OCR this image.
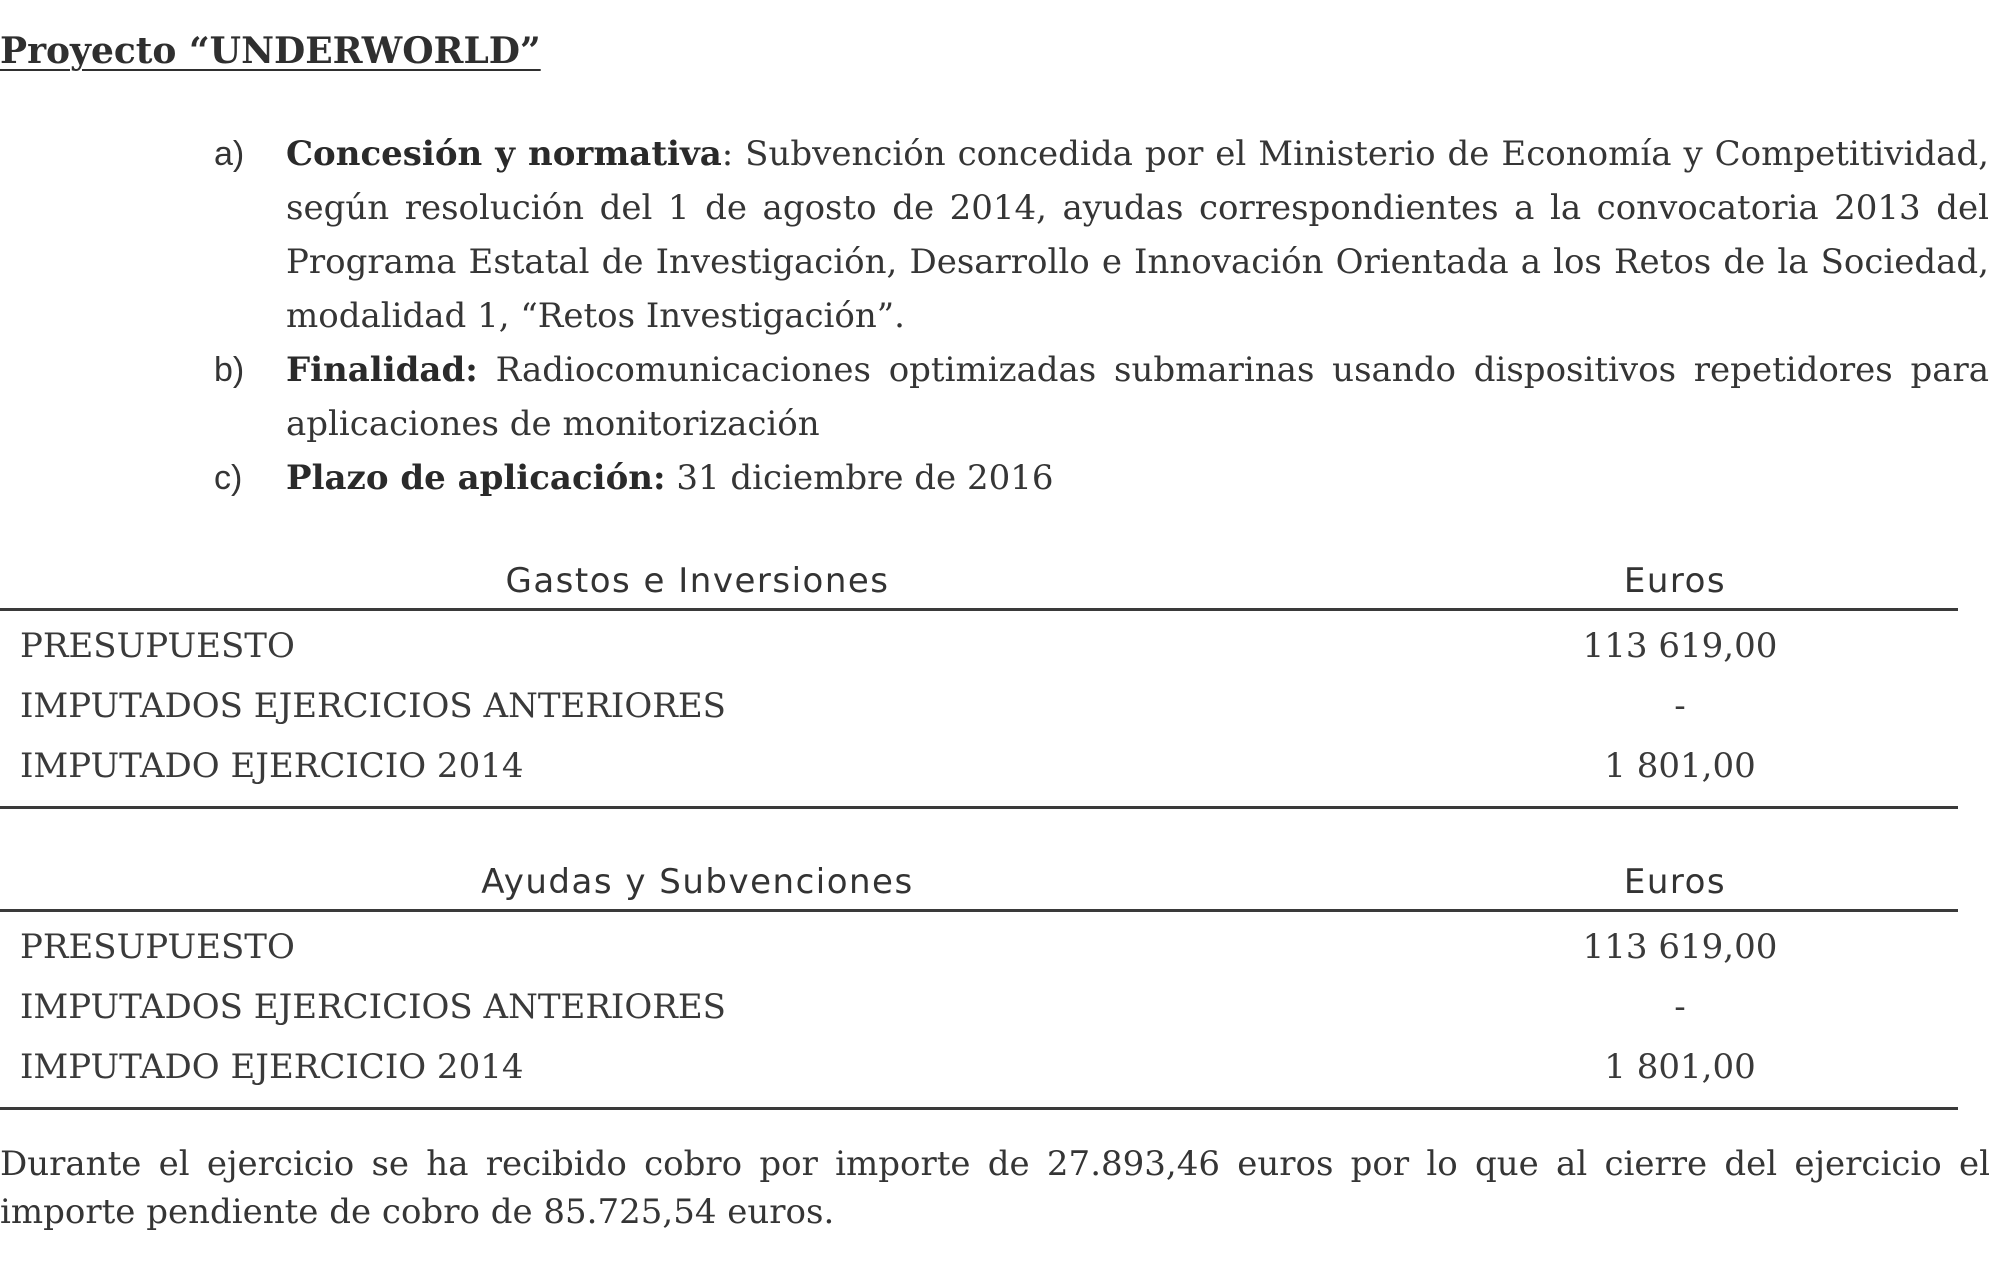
Proyecto “UNDERWORLD”
a)	Concesión y normativa: Subvención concedida por el Ministerio de Economía y Competitividad, según resolución del 1 de agosto de 2014, ayudas correspondientes a la convocatoria 2013 del Programa Estatal de Investigación, Desarrollo e Innovación Orientada a los Retos de la Sociedad, modalidad 1, “Retos Investigación”.
b)	Finalidad: Radiocomunicaciones optimizadas submarinas usando dispositivos repetidores para aplicaciones de monitorización
c)	Plazo de aplicación: 31 diciembre de 2016
Gastos e Inversiones	Euros
PRESUPUESTO	113 619,00
IMPUTADOS EJERCICIOS ANTERIORES	-
IMPUTADO EJERCICIO 2014	1 801,00
Ayudas y Subvenciones	Euros
PRESUPUESTO	113 619,00
IMPUTADOS EJERCICIOS ANTERIORES	-
IMPUTADO EJERCICIO 2014	1 801,00

Durante el ejercicio se ha recibido cobro por importe de 27.893,46 euros por lo que al cierre del ejercicio el importe pendiente de cobro de 85.725,54 euros.
